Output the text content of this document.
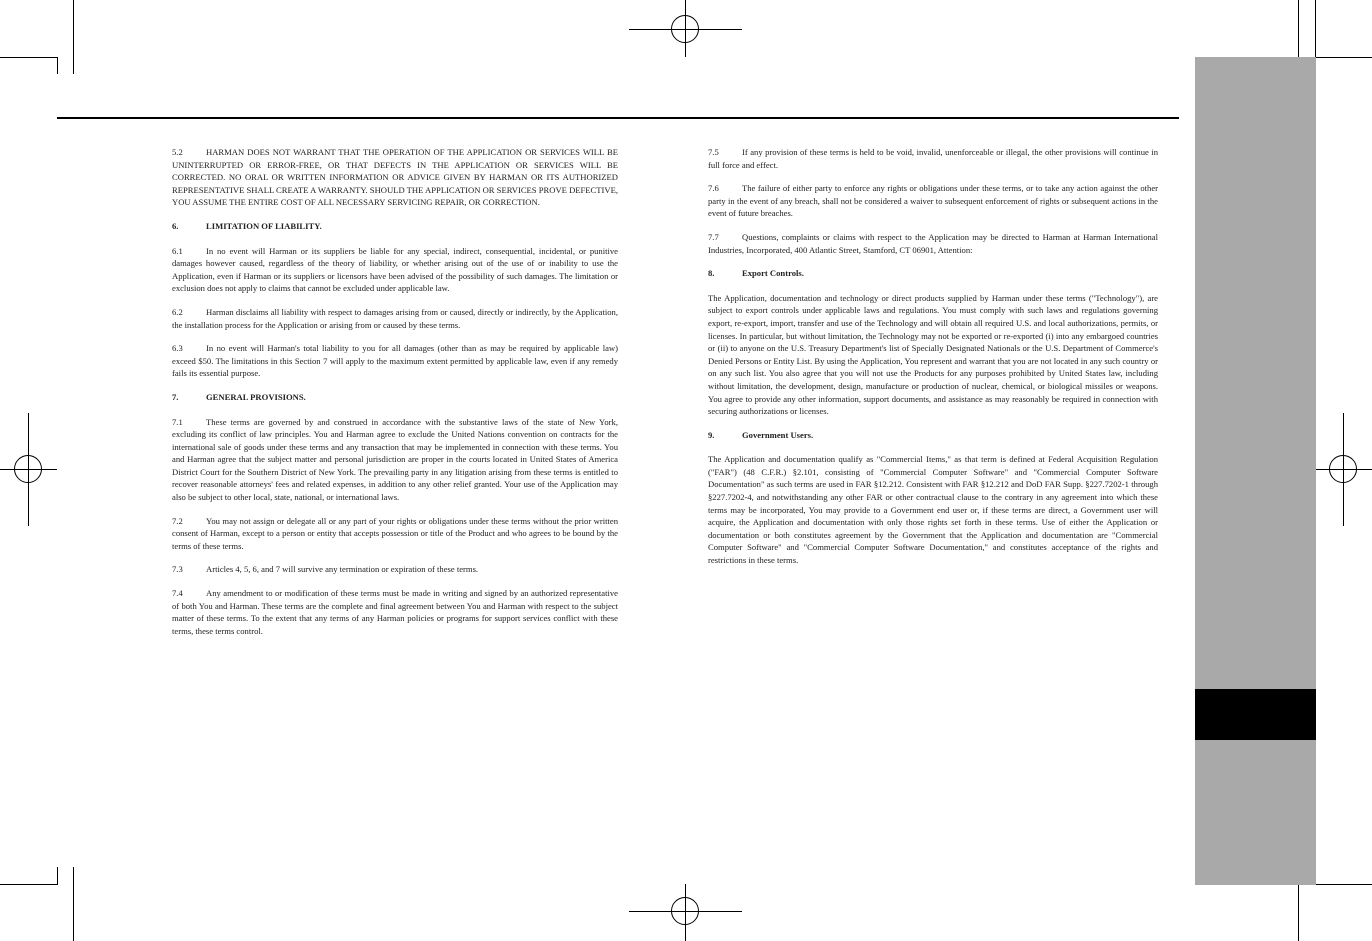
5.2	HARMAN DOES NOT WARRANT THAT THE OPERATION OF THE APPLICATION OR SERVICES WILL BE UNINTERRUPTED OR ERROR-FREE, OR THAT DEFECTS IN THE APPLICATION OR SERVICES WILL BE CORRECTED. NO ORAL OR WRITTEN INFORMATION OR ADVICE GIVEN BY HARMAN OR ITS AUTHORIZED REPRESENTATIVE SHALL CREATE A WARRANTY. SHOULD THE APPLICATION OR SERVICES PROVE DEFECTIVE, YOU ASSUME THE ENTIRE COST OF ALL NECESSARY SERVICING REPAIR, OR CORRECTION.
6.	LIMITATION OF LIABILITY.
6.1	In no event will Harman or its suppliers be liable for any special, indirect, consequential, incidental, or punitive damages however caused, regardless of the theory of liability, or whether arising out of the use of or inability to use the Application, even if Harman or its suppliers or licensors have been advised of the possibility of such damages. The limitation or exclusion does not apply to claims that cannot be excluded under applicable law.
6.2	Harman disclaims all liability with respect to damages arising from or caused, directly or indirectly, by the Application, the installation process for the Application or arising from or caused by these terms.
6.3	In no event will Harman's total liability to you for all damages (other than as may be required by applicable law) exceed $50. The limitations in this Section 7 will apply to the maximum extent permitted by applicable law, even if any remedy fails its essential purpose.
7.	GENERAL PROVISIONS.
7.1	These terms are governed by and construed in accordance with the substantive laws of the state of New York, excluding its conflict of law principles. You and Harman agree to exclude the United Nations convention on contracts for the international sale of goods under these terms and any transaction that may be implemented in connection with these terms. You and Harman agree that the subject matter and personal jurisdiction are proper in the courts located in United States of America District Court for the Southern District of New York. The prevailing party in any litigation arising from these terms is entitled to recover reasonable attorneys' fees and related expenses, in addition to any other relief granted. Your use of the Application may also be subject to other local, state, national, or international laws.
7.2	You may not assign or delegate all or any part of your rights or obligations under these terms without the prior written consent of Harman, except to a person or entity that accepts possession or title of the Product and who agrees to be bound by the terms of these terms.
7.3	Articles 4, 5, 6, and 7 will survive any termination or expiration of these terms.
7.4	Any amendment to or modification of these terms must be made in writing and signed by an authorized representative of both You and Harman. These terms are the complete and final agreement between You and Harman with respect to the subject matter of these terms. To the extent that any terms of any Harman policies or programs for support services conflict with these terms, these terms control.
7.5	If any provision of these terms is held to be void, invalid, unenforceable or illegal, the other provisions will continue in full force and effect.
7.6	The failure of either party to enforce any rights or obligations under these terms, or to take any action against the other party in the event of any breach, shall not be considered a waiver to subsequent enforcement of rights or subsequent actions in the event of future breaches.
7.7	Questions, complaints or claims with respect to the Application may be directed to Harman at Harman International Industries, Incorporated, 400 Atlantic Street, Stamford, CT 06901, Attention:
8.	Export Controls.
The Application, documentation and technology or direct products supplied by Harman under these terms ("Technology"), are subject to export controls under applicable laws and regulations. You must comply with such laws and regulations governing export, re-export, import, transfer and use of the Technology and will obtain all required U.S. and local authorizations, permits, or licenses. In particular, but without limitation, the Technology may not be exported or re-exported (i) into any embargoed countries or (ii) to anyone on the U.S. Treasury Department's list of Specially Designated Nationals or the U.S. Department of Commerce's Denied Persons or Entity List. By using the Application, You represent and warrant that you are not located in any such country or on any such list. You also agree that you will not use the Products for any purposes prohibited by United States law, including without limitation, the development, design, manufacture or production of nuclear, chemical, or biological missiles or weapons. You agree to provide any other information, support documents, and assistance as may reasonably be required in connection with securing authorizations or licenses.
9.	Government Users.
The Application and documentation qualify as "Commercial Items," as that term is defined at Federal Acquisition Regulation ("FAR") (48 C.F.R.) §2.101, consisting of "Commercial Computer Software" and "Commercial Computer Software Documentation" as such terms are used in FAR §12.212. Consistent with FAR §12.212 and DoD FAR Supp. §227.7202-1 through §227.7202-4, and notwithstanding any other FAR or other contractual clause to the contrary in any agreement into which these terms may be incorporated, You may provide to a Government end user or, if these terms are direct, a Government user will acquire, the Application and documentation with only those rights set forth in these terms. Use of either the Application or documentation or both constitutes agreement by the Government that the Application and documentation are "Commercial Computer Software" and "Commercial Computer Software Documentation," and constitutes acceptance of the rights and restrictions in these terms.
